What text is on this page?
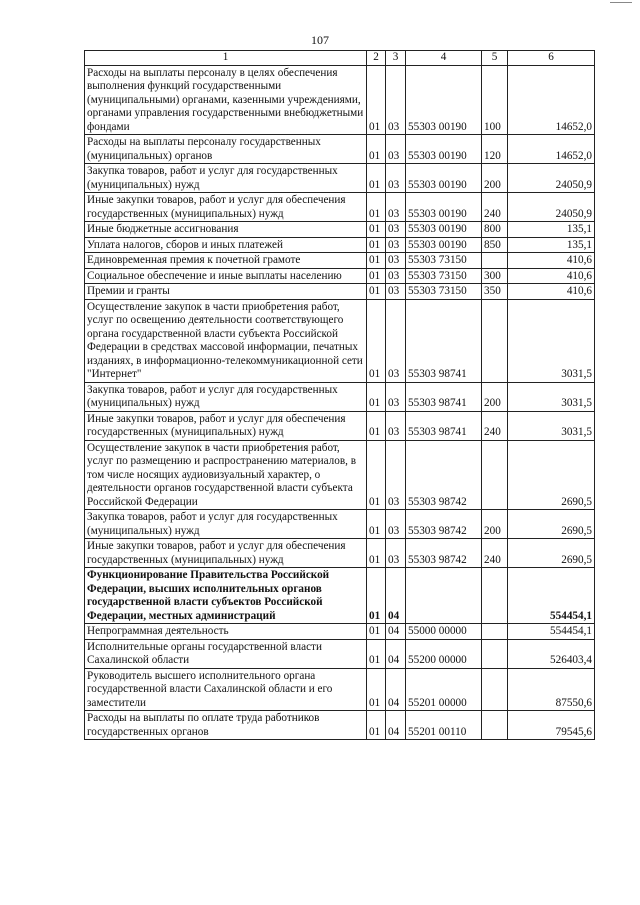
107
1	2	3	4	5	6
Расходы на выплаты персоналу в целях обеспечения выполнения функций государственными (муниципальными) органами, казенными учреждениями, органами управления государственными внебюджетными фондами	01	03	55303 00190	100	14652,0
Расходы на выплаты персоналу государственных (муниципальных) органов	01	03	55303 00190	120	14652,0
Закупка товаров, работ и услуг для государственных (муниципальных) нужд	01	03	55303 00190	200	24050,9
Иные закупки товаров, работ и услуг для обеспечения государственных (муниципальных) нужд	01	03	55303 00190	240	24050,9
Иные бюджетные ассигнования	01	03	55303 00190	800	135,1
Уплата налогов, сборов и иных платежей	01	03	55303 00190	850	135,1
Единовременная премия к почетной грамоте	01	03	55303 73150		410,6
Социальное обеспечение и иные выплаты населению	01	03	55303 73150	300	410,6
Премии и гранты	01	03	55303 73150	350	410,6
Осуществление закупок в части приобретения работ, услуг по освещению деятельности соответствующего органа государственной власти субъекта Российской Федерации в средствах массовой информации, печатных изданиях, в информационно-телекоммуникационной сети "Интернет"	01	03	55303 98741		3031,5
Закупка товаров, работ и услуг для государственных (муниципальных) нужд	01	03	55303 98741	200	3031,5
Иные закупки товаров, работ и услуг для обеспечения государственных (муниципальных) нужд	01	03	55303 98741	240	3031,5
Осуществление закупок в части приобретения работ, услуг по размещению и распространению материалов, в том числе носящих аудиовизуальный характер, о деятельности органов государственной власти субъекта Российской Федерации	01	03	55303 98742		2690,5
Закупка товаров, работ и услуг для государственных (муниципальных) нужд	01	03	55303 98742	200	2690,5
Иные закупки товаров, работ и услуг для обеспечения государственных (муниципальных) нужд	01	03	55303 98742	240	2690,5
Функционирование Правительства Российской Федерации, высших исполнительных органов государственной власти субъектов Российской Федерации, местных администраций	01	04			554454,1
Непрограммная деятельность	01	04	55000 00000		554454,1
Исполнительные органы государственной власти Сахалинской области	01	04	55200 00000		526403,4
Руководитель высшего исполнительного органа государственной власти Сахалинской области и его заместители	01	04	55201 00000		87550,6
Расходы на выплаты по оплате труда работников государственных органов	01	04	55201 00110		79545,6
